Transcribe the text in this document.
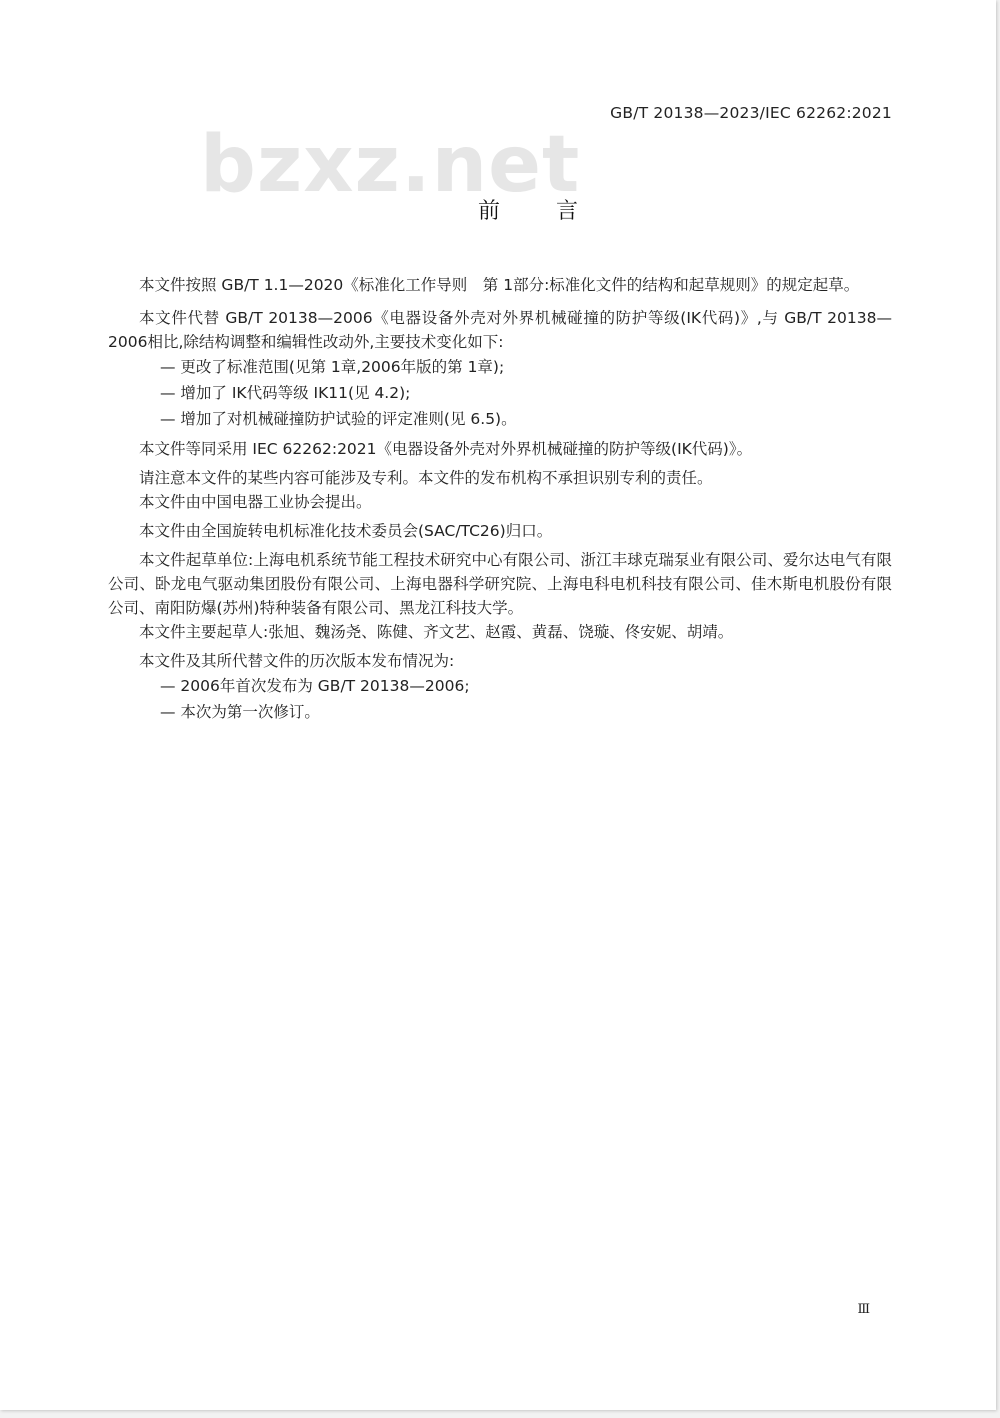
GB/T 20138—2023/IEC 62262:2021
bzxz.net
前言

本文件按照 GB/T 1.1—2020《标准化工作导则　第 1部分:标准化文件的结构和起草规则》的规定起草。

本文件代替 GB/T 20138—2006《电器设备外壳对外界机械碰撞的防护等级(IK代码)》,与 GB/T 20138—2006相比,除结构调整和编辑性改动外,主要技术变化如下:

— 更改了标准范围(见第 1章,2006年版的第 1章);

— 增加了 IK代码等级 IK11(见 4.2);

— 增加了对机械碰撞防护试验的评定准则(见 6.5)。

本文件等同采用 IEC 62262:2021《电器设备外壳对外界机械碰撞的防护等级(IK代码)》。

请注意本文件的某些内容可能涉及专利。本文件的发布机构不承担识别专利的责任。

本文件由中国电器工业协会提出。

本文件由全国旋转电机标准化技术委员会(SAC/TC26)归口。

本文件起草单位:上海电机系统节能工程技术研究中心有限公司、浙江丰球克瑞泵业有限公司、爱尔达电气有限公司、卧龙电气驱动集团股份有限公司、上海电器科学研究院、上海电科电机科技有限公司、佳木斯电机股份有限公司、南阳防爆(苏州)特种装备有限公司、黑龙江科技大学。

本文件主要起草人:张旭、魏汤尧、陈健、齐文艺、赵霞、黄磊、饶璇、佟安妮、胡靖。

本文件及其所代替文件的历次版本发布情况为:

— 2006年首次发布为 GB/T 20138—2006;

— 本次为第一次修订。

Ⅲ
